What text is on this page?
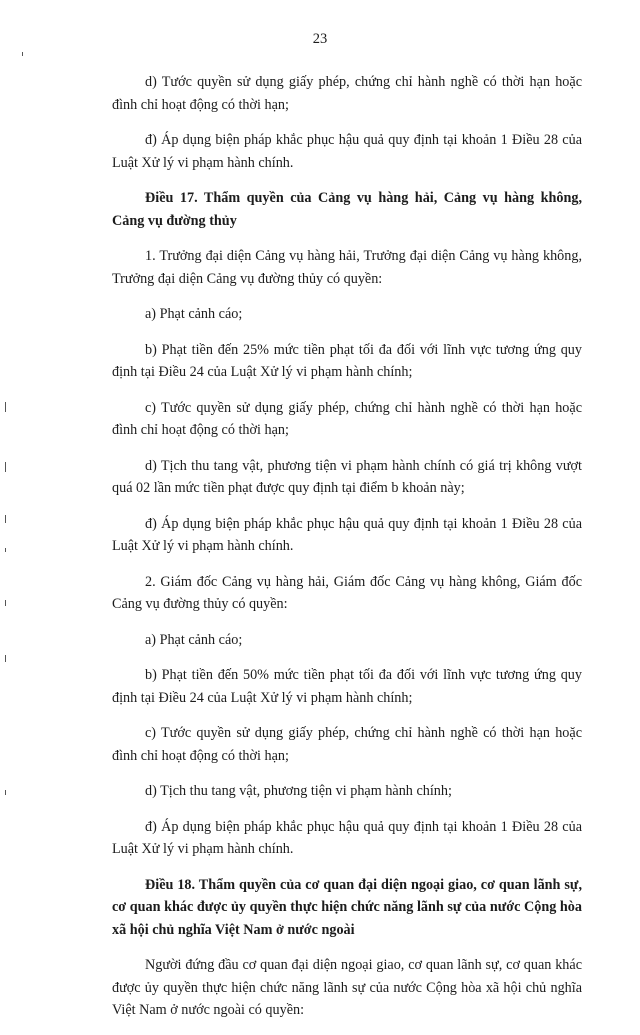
23

d) Tước quyền sử dụng giấy phép, chứng chỉ hành nghề có thời hạn hoặc đình chỉ hoạt động có thời hạn;

đ) Áp dụng biện pháp khắc phục hậu quả quy định tại khoản 1 Điều 28 của Luật Xử lý vi phạm hành chính.

Điều 17. Thẩm quyền của Cảng vụ hàng hải, Cảng vụ hàng không, Cảng vụ đường thủy

1. Trưởng đại diện Cảng vụ hàng hải, Trưởng đại diện Cảng vụ hàng không, Trưởng đại diện Cảng vụ đường thủy có quyền:

a) Phạt cảnh cáo;

b) Phạt tiền đến 25% mức tiền phạt tối đa đối với lĩnh vực tương ứng quy định tại Điều 24 của Luật Xử lý vi phạm hành chính;

c) Tước quyền sử dụng giấy phép, chứng chỉ hành nghề có thời hạn hoặc đình chỉ hoạt động có thời hạn;

d) Tịch thu tang vật, phương tiện vi phạm hành chính có giá trị không vượt quá 02 lần mức tiền phạt được quy định tại điểm b khoản này;

đ) Áp dụng biện pháp khắc phục hậu quả quy định tại khoản 1 Điều 28 của Luật Xử lý vi phạm hành chính.

2. Giám đốc Cảng vụ hàng hải, Giám đốc Cảng vụ hàng không, Giám đốc Cảng vụ đường thủy có quyền:

a) Phạt cảnh cáo;

b) Phạt tiền đến 50% mức tiền phạt tối đa đối với lĩnh vực tương ứng quy định tại Điều 24 của Luật Xử lý vi phạm hành chính;

c) Tước quyền sử dụng giấy phép, chứng chỉ hành nghề có thời hạn hoặc đình chỉ hoạt động có thời hạn;

d) Tịch thu tang vật, phương tiện vi phạm hành chính;

đ) Áp dụng biện pháp khắc phục hậu quả quy định tại khoản 1 Điều 28 của Luật Xử lý vi phạm hành chính.

Điều 18. Thẩm quyền của cơ quan đại diện ngoại giao, cơ quan lãnh sự, cơ quan khác được ủy quyền thực hiện chức năng lãnh sự của nước Cộng hòa xã hội chủ nghĩa Việt Nam ở nước ngoài

Người đứng đầu cơ quan đại diện ngoại giao, cơ quan lãnh sự, cơ quan khác được ủy quyền thực hiện chức năng lãnh sự của nước Cộng hòa xã hội chủ nghĩa Việt Nam ở nước ngoài có quyền:
